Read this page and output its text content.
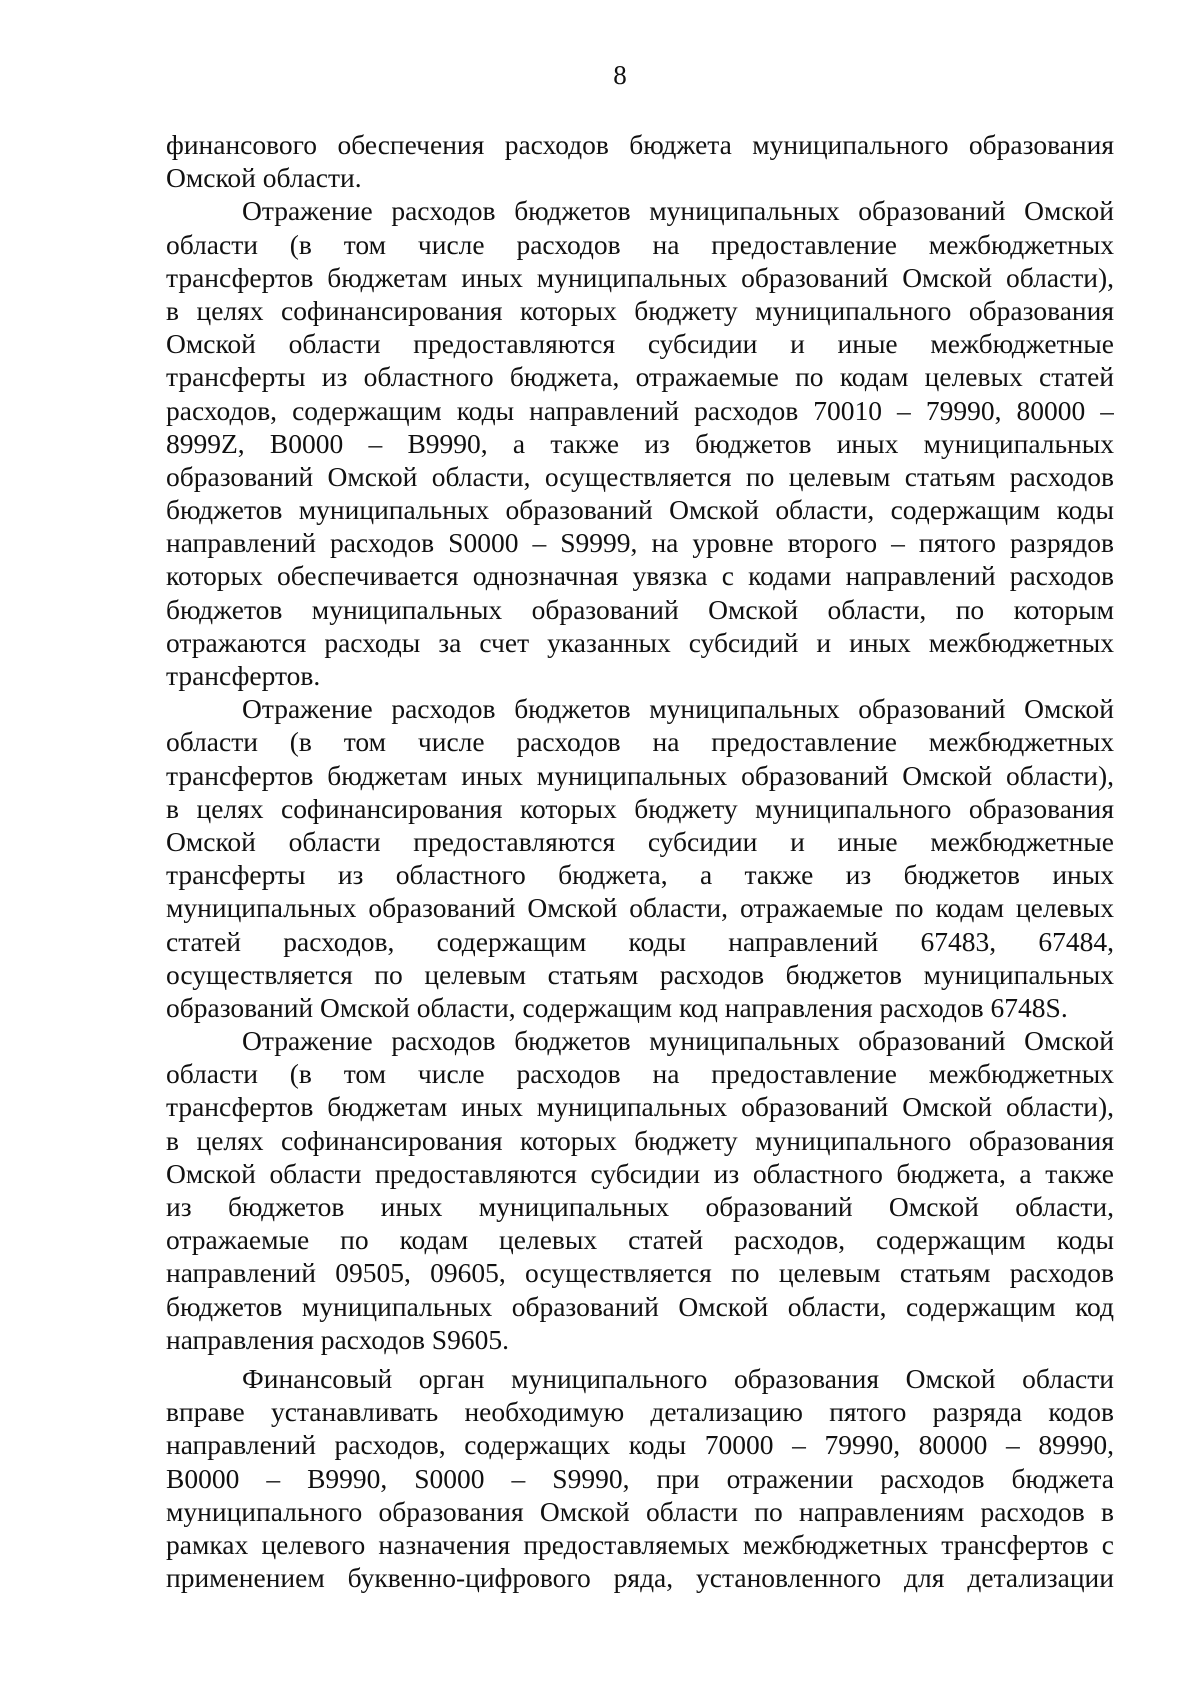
8
финансового обеспечения расходов бюджета муниципального образования
Омской области.
Отражение расходов бюджетов муниципальных образований Омской
области (в том числе расходов на предоставление межбюджетных
трансфертов бюджетам иных муниципальных образований Омской области),
в целях софинансирования которых бюджету муниципального образования
Омской области предоставляются субсидии и иные межбюджетные
трансферты из областного бюджета, отражаемые по кодам целевых статей
расходов, содержащим коды направлений расходов 70010 – 79990, 80000 –
8999Z, B0000 – B9990, а также из бюджетов иных муниципальных
образований Омской области, осуществляется по целевым статьям расходов
бюджетов муниципальных образований Омской области, содержащим коды
направлений расходов S0000 – S9999, на уровне второго – пятого разрядов
которых обеспечивается однозначная увязка с кодами направлений расходов
бюджетов муниципальных образований Омской области, по которым
отражаются расходы за счет указанных субсидий и иных межбюджетных
трансфертов.
Отражение расходов бюджетов муниципальных образований Омской
области (в том числе расходов на предоставление межбюджетных
трансфертов бюджетам иных муниципальных образований Омской области),
в целях софинансирования которых бюджету муниципального образования
Омской области предоставляются субсидии и иные межбюджетные
трансферты из областного бюджета, а также из бюджетов иных
муниципальных образований Омской области, отражаемые по кодам целевых
статей расходов, содержащим коды направлений 67483, 67484,
осуществляется по целевым статьям расходов бюджетов муниципальных
образований Омской области, содержащим код направления расходов 6748S.
Отражение расходов бюджетов муниципальных образований Омской
области (в том числе расходов на предоставление межбюджетных
трансфертов бюджетам иных муниципальных образований Омской области),
в целях софинансирования которых бюджету муниципального образования
Омской области предоставляются субсидии из областного бюджета, а также
из бюджетов иных муниципальных образований Омской области,
отражаемые по кодам целевых статей расходов, содержащим коды
направлений 09505, 09605, осуществляется по целевым статьям расходов
бюджетов муниципальных образований Омской области, содержащим код
направления расходов S9605.
Финансовый орган муниципального образования Омской области
вправе устанавливать необходимую детализацию пятого разряда кодов
направлений расходов, содержащих коды 70000 – 79990, 80000 – 89990,
B0000 – B9990, S0000 – S9990, при отражении расходов бюджета
муниципального образования Омской области по направлениям расходов в
рамках целевого назначения предоставляемых межбюджетных трансфертов с
применением буквенно-цифрового ряда, установленного для детализации
